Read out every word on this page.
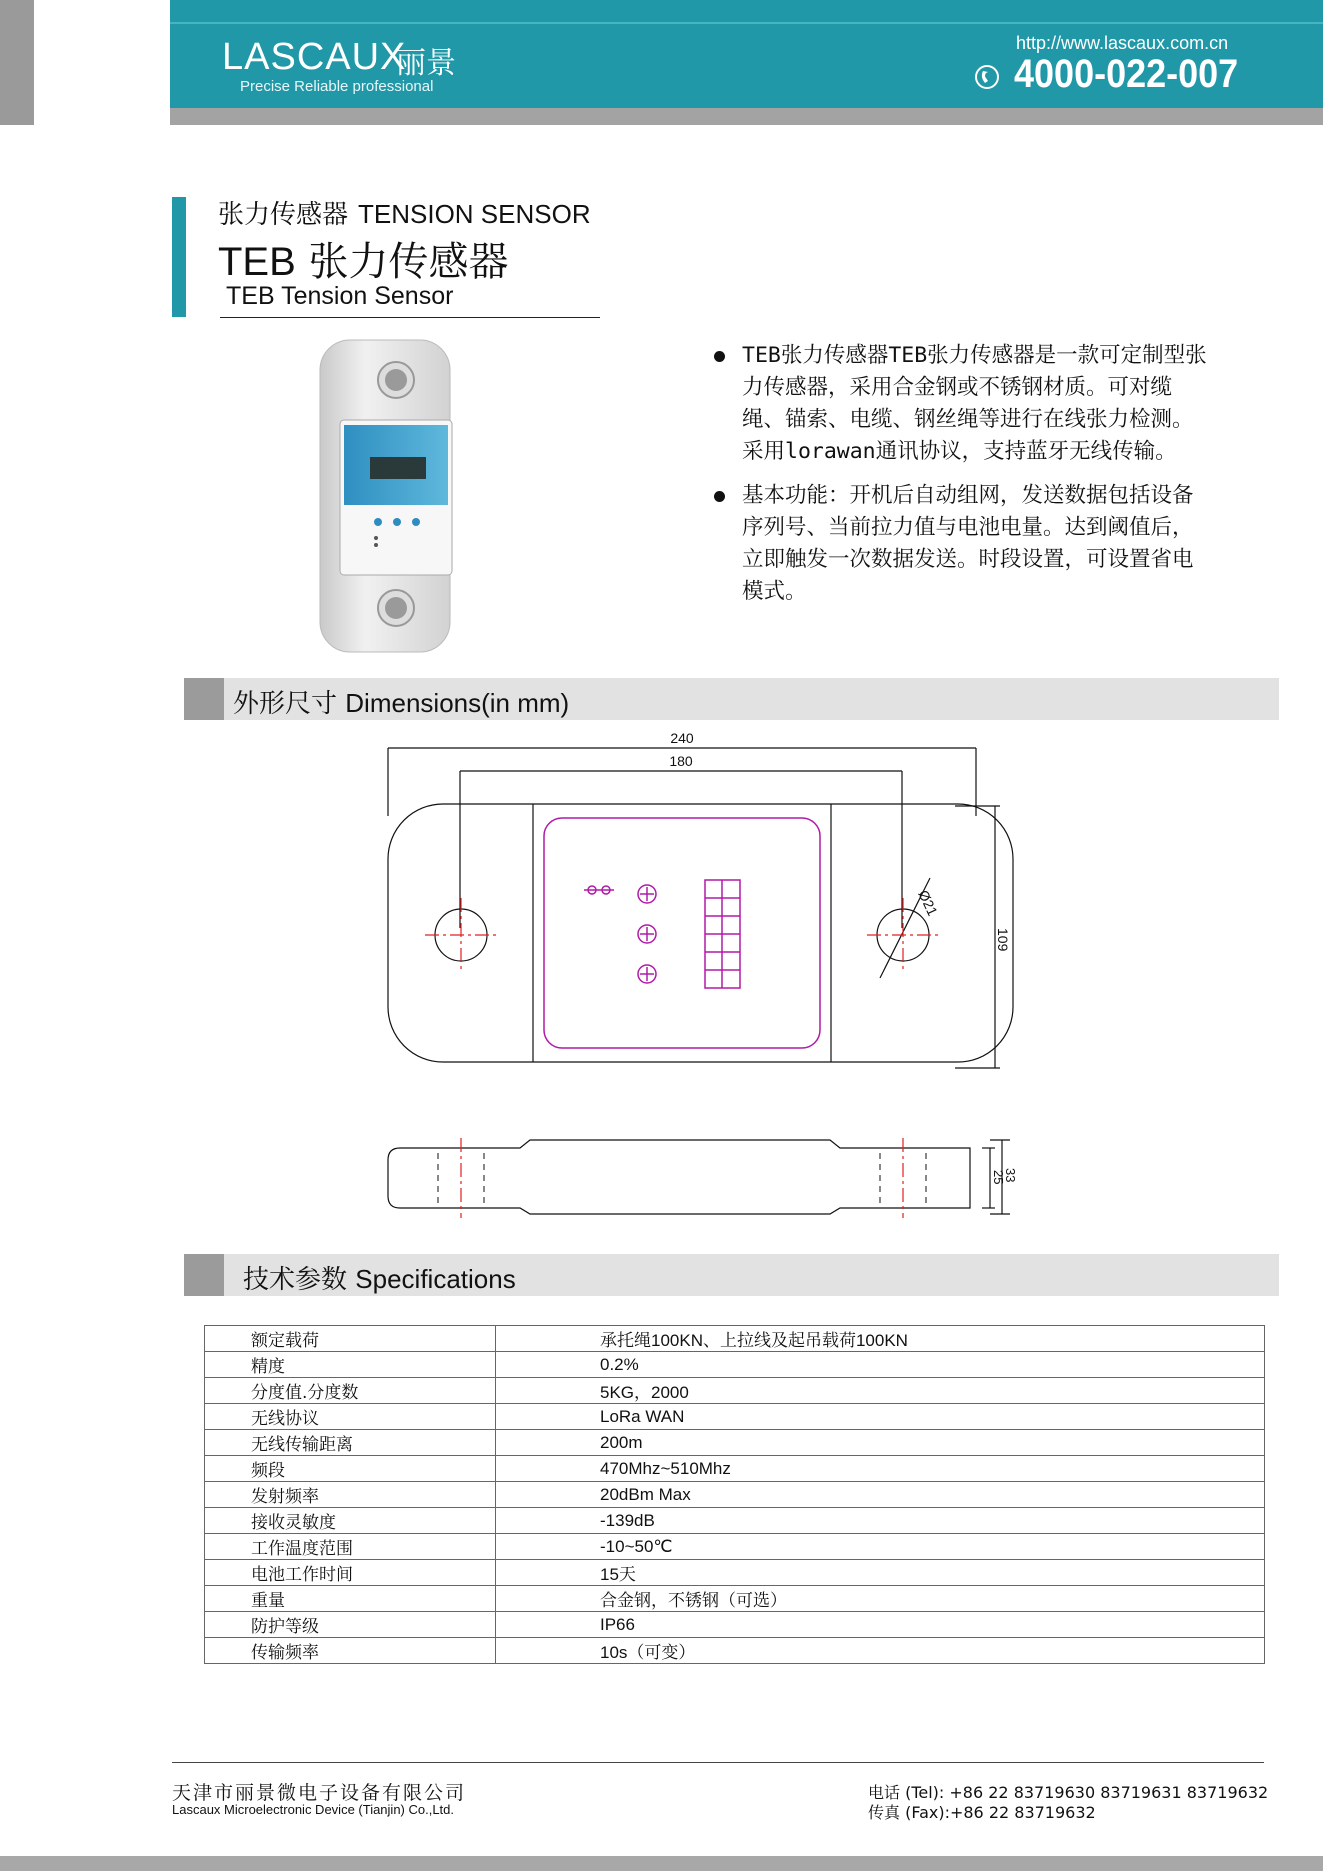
LASCAUX
丽景
Precise Reliable professional
http://www.lascaux.com.cn
4000-022-007
张力传感器 TENSION SENSOR
TEB 张力传感器
TEB Tension Sensor
TEB张力传感器TEB张力传感器是一款可定制型张力传感器，采用合金钢或不锈钢材质。可对缆绳、锚索、电缆、钢丝绳等进行在线张力检测。采用lorawan通讯协议，支持蓝牙无线传输。
基本功能：开机后自动组网，发送数据包括设备序列号、当前拉力值与电池电量。达到阈值后，立即触发一次数据发送。时段设置，可设置省电模式。
外形尺寸 Dimensions(in mm)
240
180
Ø21
109
33
25
技术参数 Specifications
额定载荷	承托绳100KN、上拉线及起吊载荷100KN
精度	0.2%
分度值.分度数	5KG，2000
无线协议	LoRa WAN
无线传输距离	200m
频段	470Mhz~510Mhz
发射频率	20dBm Max
接收灵敏度	-139dB
工作温度范围	-10~50℃
电池工作时间	15天
重量	合金钢，不锈钢（可选）
防护等级	IP66
传输频率	10s（可变）
天津市丽景微电子设备有限公司
Lascaux Microelectronic Device (Tianjin) Co.,Ltd.
电话 (Tel): +86 22 83719630 83719631 83719632
传真 (Fax):+86 22 83719632
